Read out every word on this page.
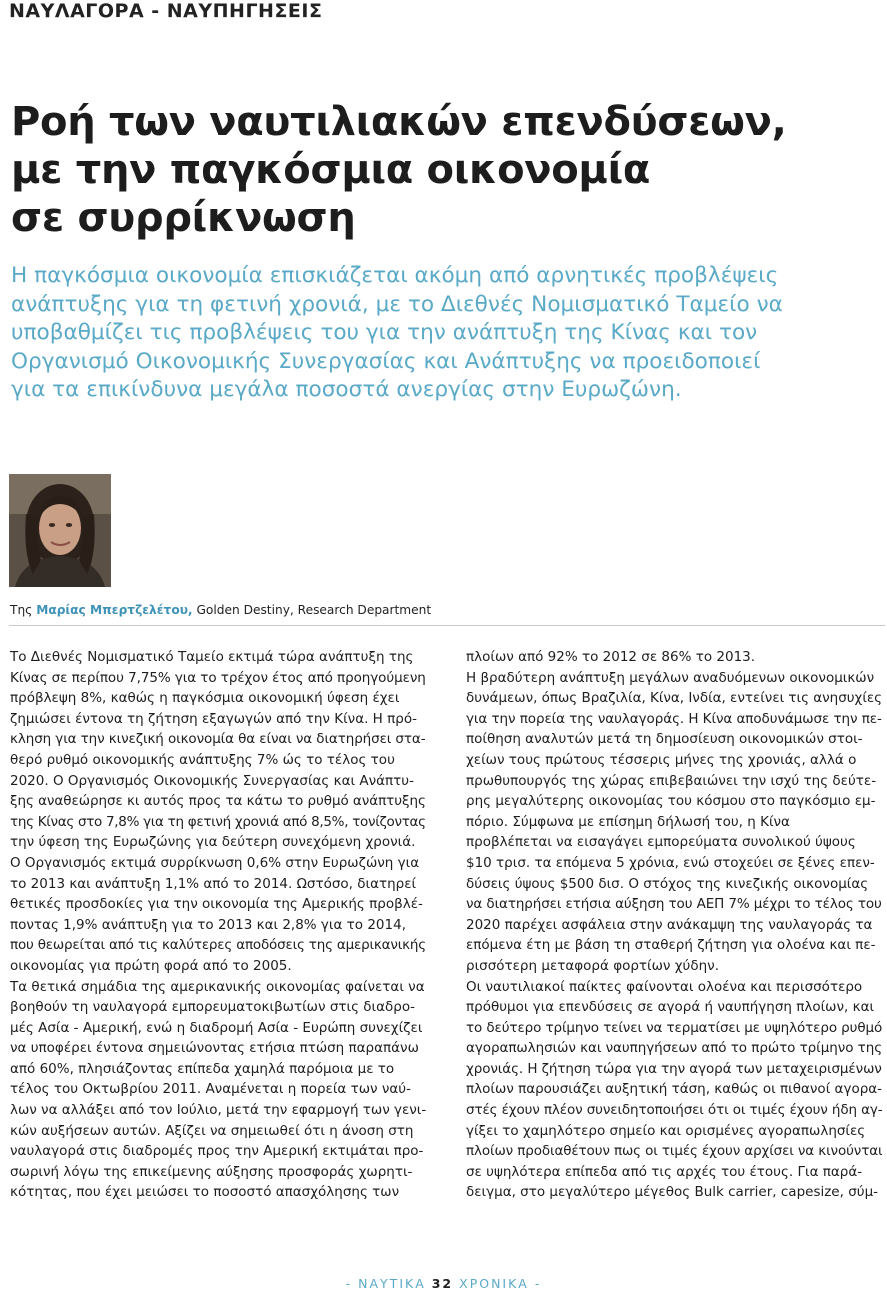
ΝΑΥΛΑΓΟΡΑ - ΝΑΥΠΗΓΗΣΕΙΣ
Ροή των ναυτιλιακών επενδύσεων,
με την παγκόσμια οικονομία
σε συρρίκνωση

Η παγκόσμια οικονομία επισκιάζεται ακόμη από αρνητικές προβλέψεις
ανάπτυξης για τη φετινή χρονιά, με το Διεθνές Νομισματικό Ταμείο να
υποβαθμίζει τις προβλέψεις του για την ανάπτυξη της Κίνας και τον
Οργανισμό Οικονομικής Συνεργασίας και Ανάπτυξης να προειδοποιεί
για τα επικίνδυνα μεγάλα ποσοστά ανεργίας στην Ευρωζώνη.

Της Μαρίας Μπερτζελέτου, Golden Destiny, Research Department
Το Διεθνές Νομισματικό Ταμείο εκτιμά τώρα ανάπτυξη της
Κίνας σε περίπου 7,75% για το τρέχον έτος από προηγούμενη
πρόβλεψη 8%, καθώς η παγκόσμια οικονομική ύφεση έχει
ζημιώσει έντονα τη ζήτηση εξαγωγών από την Κίνα. Η πρό-
κληση για την κινεζική οικονομία θα είναι να διατηρήσει στα-
θερό ρυθμό οικονομικής ανάπτυξης 7% ώς το τέλος του
2020. Ο Οργανισμός Οικονομικής Συνεργασίας και Ανάπτυ-
ξης αναθεώρησε κι αυτός προς τα κάτω το ρυθμό ανάπτυξης
της Κίνας στο 7,8% για τη φετινή χρονιά από 8,5%, τονίζοντας
την ύφεση της Ευρωζώνης για δεύτερη συνεχόμενη χρονιά.
Ο Οργανισμός εκτιμά συρρίκνωση 0,6% στην Ευρωζώνη για
το 2013 και ανάπτυξη 1,1% από το 2014. Ωστόσο, διατηρεί
θετικές προσδοκίες για την οικονομία της Αμερικής προβλέ-
ποντας 1,9% ανάπτυξη για το 2013 και 2,8% για το 2014,
που θεωρείται από τις καλύτερες αποδόσεις της αμερικανικής
οικονομίας για πρώτη φορά από το 2005.
Τα θετικά σημάδια της αμερικανικής οικονομίας φαίνεται να
βοηθούν τη ναυλαγορά εμπορευματοκιβωτίων στις διαδρο-
μές Ασία - Αμερική, ενώ η διαδρομή Ασία - Ευρώπη συνεχίζει
να υποφέρει έντονα σημειώνοντας ετήσια πτώση παραπάνω
από 60%, πλησιάζοντας επίπεδα χαμηλά παρόμοια με το
τέλος του Οκτωβρίου 2011. Αναμένεται η πορεία των ναύ-
λων να αλλάξει από τον Ιούλιο, μετά την εφαρμογή των γενι-
κών αυξήσεων αυτών. Αξίζει να σημειωθεί ότι η άνοση στη
ναυλαγορά στις διαδρομές προς την Αμερική εκτιμάται προ-
σωρινή λόγω της επικείμενης αύξησης προσφοράς χωρητι-
κότητας, που έχει μειώσει το ποσοστό απασχόλησης των
πλοίων από 92% το 2012 σε 86% το 2013.
Η βραδύτερη ανάπτυξη μεγάλων αναδυόμενων οικονομικών
δυνάμεων, όπως Βραζιλία, Κίνα, Ινδία, εντείνει τις ανησυχίες
για την πορεία της ναυλαγοράς. Η Κίνα αποδυνάμωσε την πε-
ποίθηση αναλυτών μετά τη δημοσίευση οικονομικών στοι-
χείων τους πρώτους τέσσερις μήνες της χρονιάς, αλλά ο
πρωθυπουργός της χώρας επιβεβαιώνει την ισχύ της δεύτε-
ρης μεγαλύτερης οικονομίας του κόσμου στο παγκόσμιο εμ-
πόριο. Σύμφωνα με επίσημη δήλωσή του, η Κίνα
προβλέπεται να εισαγάγει εμπορεύματα συνολικού ύψους
$10 τρισ. τα επόμενα 5 χρόνια, ενώ στοχεύει σε ξένες επεν-
δύσεις ύψους $500 δισ. Ο στόχος της κινεζικής οικονομίας
να διατηρήσει ετήσια αύξηση του ΑΕΠ 7% μέχρι το τέλος του
2020 παρέχει ασφάλεια στην ανάκαμψη της ναυλαγοράς τα
επόμενα έτη με βάση τη σταθερή ζήτηση για ολοένα και πε-
ρισσότερη μεταφορά φορτίων χύδην.
Οι ναυτιλιακοί παίκτες φαίνονται ολοένα και περισσότερο
πρόθυμοι για επενδύσεις σε αγορά ή ναυπήγηση πλοίων, και
το δεύτερο τρίμηνο τείνει να τερματίσει με υψηλότερο ρυθμό
αγοραπωλησιών και ναυπηγήσεων από το πρώτο τρίμηνο της
χρονιάς. Η ζήτηση τώρα για την αγορά των μεταχειρισμένων
πλοίων παρουσιάζει αυξητική τάση, καθώς οι πιθανοί αγορα-
στές έχουν πλέον συνειδητοποιήσει ότι οι τιμές έχουν ήδη αγ-
γίξει το χαμηλότερο σημείο και ορισμένες αγοραπωλησίες
πλοίων προδιαθέτουν πως οι τιμές έχουν αρχίσει να κινούνται
σε υψηλότερα επίπεδα από τις αρχές του έτους. Για παρά-
δειγμα, στο μεγαλύτερο μέγεθος Bulk carrier, capesize, σύμ-
- ΝΑΥΤΙΚΑ 32 ΧΡΟΝΙΚΑ -
